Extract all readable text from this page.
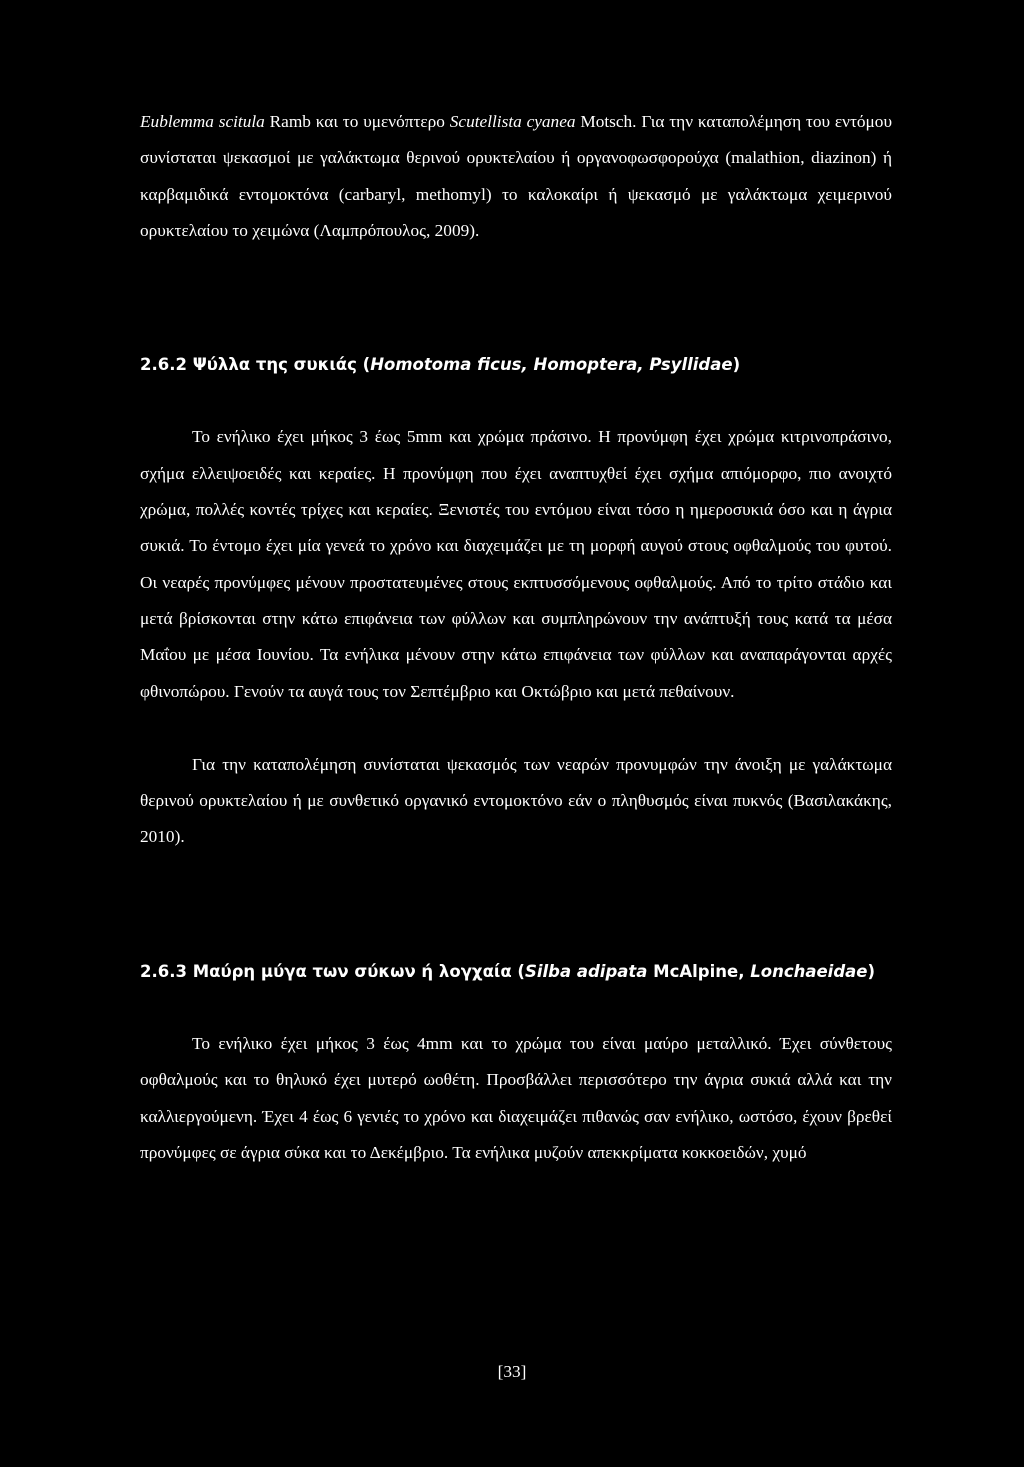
Eublemma scitula Ramb και το υμενόπτερο Scutellista cyanea Motsch. Για την καταπολέμηση του εντόμου συνίσταται ψεκασμοί με γαλάκτωμα θερινού ορυκτελαίου ή οργανοφωσφορούχα (malathion, diazinon) ή καρβαμιδικά εντομοκτόνα (carbaryl, methomyl) το καλοκαίρι ή ψεκασμό με γαλάκτωμα χειμερινού ορυκτελαίου το χειμώνα (Λαμπρόπουλος, 2009).

2.6.2 Ψύλλα της συκιάς (Homotoma ficus, Homoptera, Psyllidae)

Το ενήλικο έχει μήκος 3 έως 5mm και χρώμα πράσινο. Η προνύμφη έχει χρώμα κιτρινοπράσινο, σχήμα ελλειψοειδές και κεραίες. Η προνύμφη που έχει αναπτυχθεί έχει σχήμα απιόμορφο, πιο ανοιχτό χρώμα, πολλές κοντές τρίχες και κεραίες. Ξενιστές του εντόμου είναι τόσο η ημεροσυκιά όσο και η άγρια συκιά. Το έντομο έχει μία γενεά το χρόνο και διαχειμάζει με τη μορφή αυγού στους οφθαλμούς του φυτού. Οι νεαρές προνύμφες μένουν προστατευμένες στους εκπτυσσόμενους οφθαλμούς. Από το τρίτο στάδιο και μετά βρίσκονται στην κάτω επιφάνεια των φύλλων και συμπληρώνουν την ανάπτυξή τους κατά τα μέσα Μαΐου με μέσα Ιουνίου. Τα ενήλικα μένουν στην κάτω επιφάνεια των φύλλων και αναπαράγονται αρχές φθινοπώρου. Γενούν τα αυγά τους τον Σεπτέμβριο και Οκτώβριο και μετά πεθαίνουν.

Για την καταπολέμηση συνίσταται ψεκασμός των νεαρών προνυμφών την άνοιξη με γαλάκτωμα θερινού ορυκτελαίου ή με συνθετικό οργανικό εντομοκτόνο εάν ο πληθυσμός είναι πυκνός (Βασιλακάκης, 2010).

2.6.3 Μαύρη μύγα των σύκων ή λογχαία (Silba adipata McAlpine, Lonchaeidae)

Το ενήλικο έχει μήκος 3 έως 4mm και το χρώμα του είναι μαύρο μεταλλικό. Έχει σύνθετους οφθαλμούς και το θηλυκό έχει μυτερό ωοθέτη. Προσβάλλει περισσότερο την άγρια συκιά αλλά και την καλλιεργούμενη. Έχει 4 έως 6 γενιές το χρόνο και διαχειμάζει πιθανώς σαν ενήλικο, ωστόσο, έχουν βρεθεί προνύμφες σε άγρια σύκα και το Δεκέμβριο. Τα ενήλικα μυζούν απεκκρίματα κοκκοειδών, χυμό

[33]
